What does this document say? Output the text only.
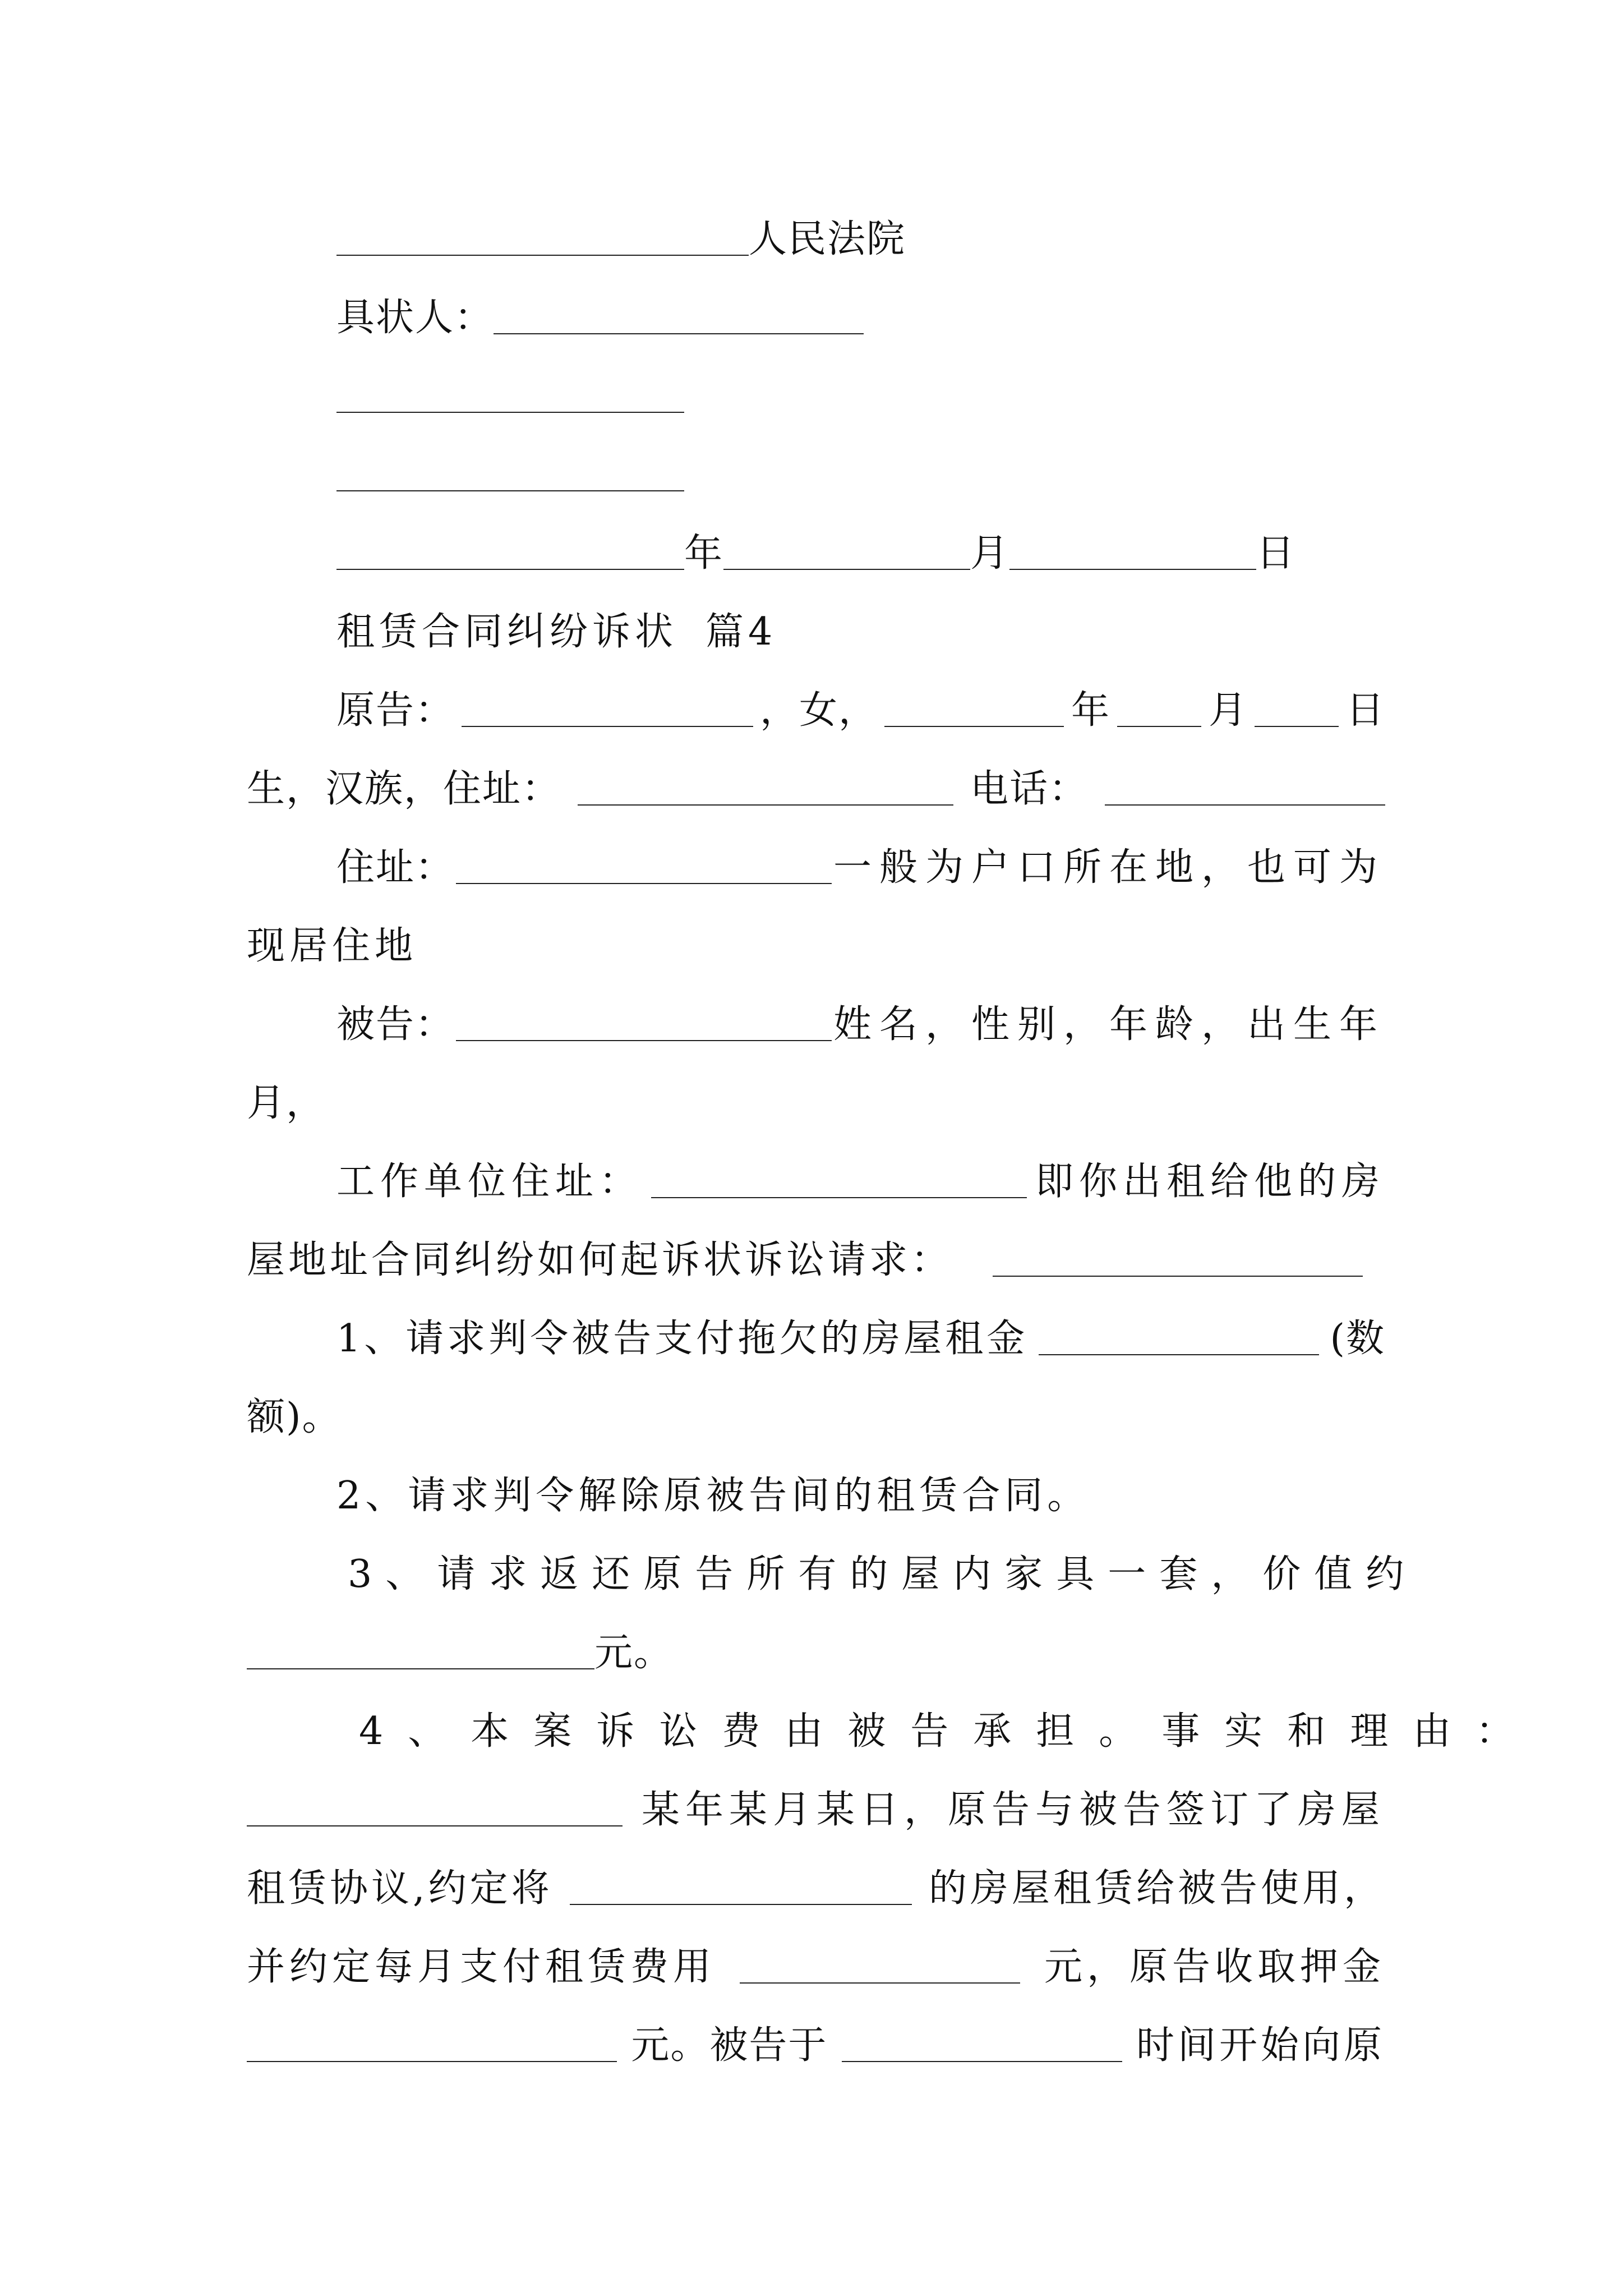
人民法院
具状人：
年	月	日
租赁合同纠纷诉状 篇4
原告：	，女，	年	月	日
生，汉族，住址：	电话：
住址：	一般为户口所在地，也可为
现居住地
被告：	姓名，性别，年龄，出生年
月，
工作单位住址：	即你出租给他的房
屋地址合同纠纷如何起诉状诉讼请求：
1、请求判令被告支付拖欠的房屋租金	(数
额)。
2、请求判令解除原被告间的租赁合同。
3、请求返还原告所有的屋内家具一套，价值约
元。
4、本案诉讼费由被告承担。事实和理由：
某年某月某日，原告与被告签订了房屋
租赁协议,约定将	的房屋租赁给被告使用，
并约定每月支付租赁费用	元，原告收取押金
元。被告于	时间开始向原
